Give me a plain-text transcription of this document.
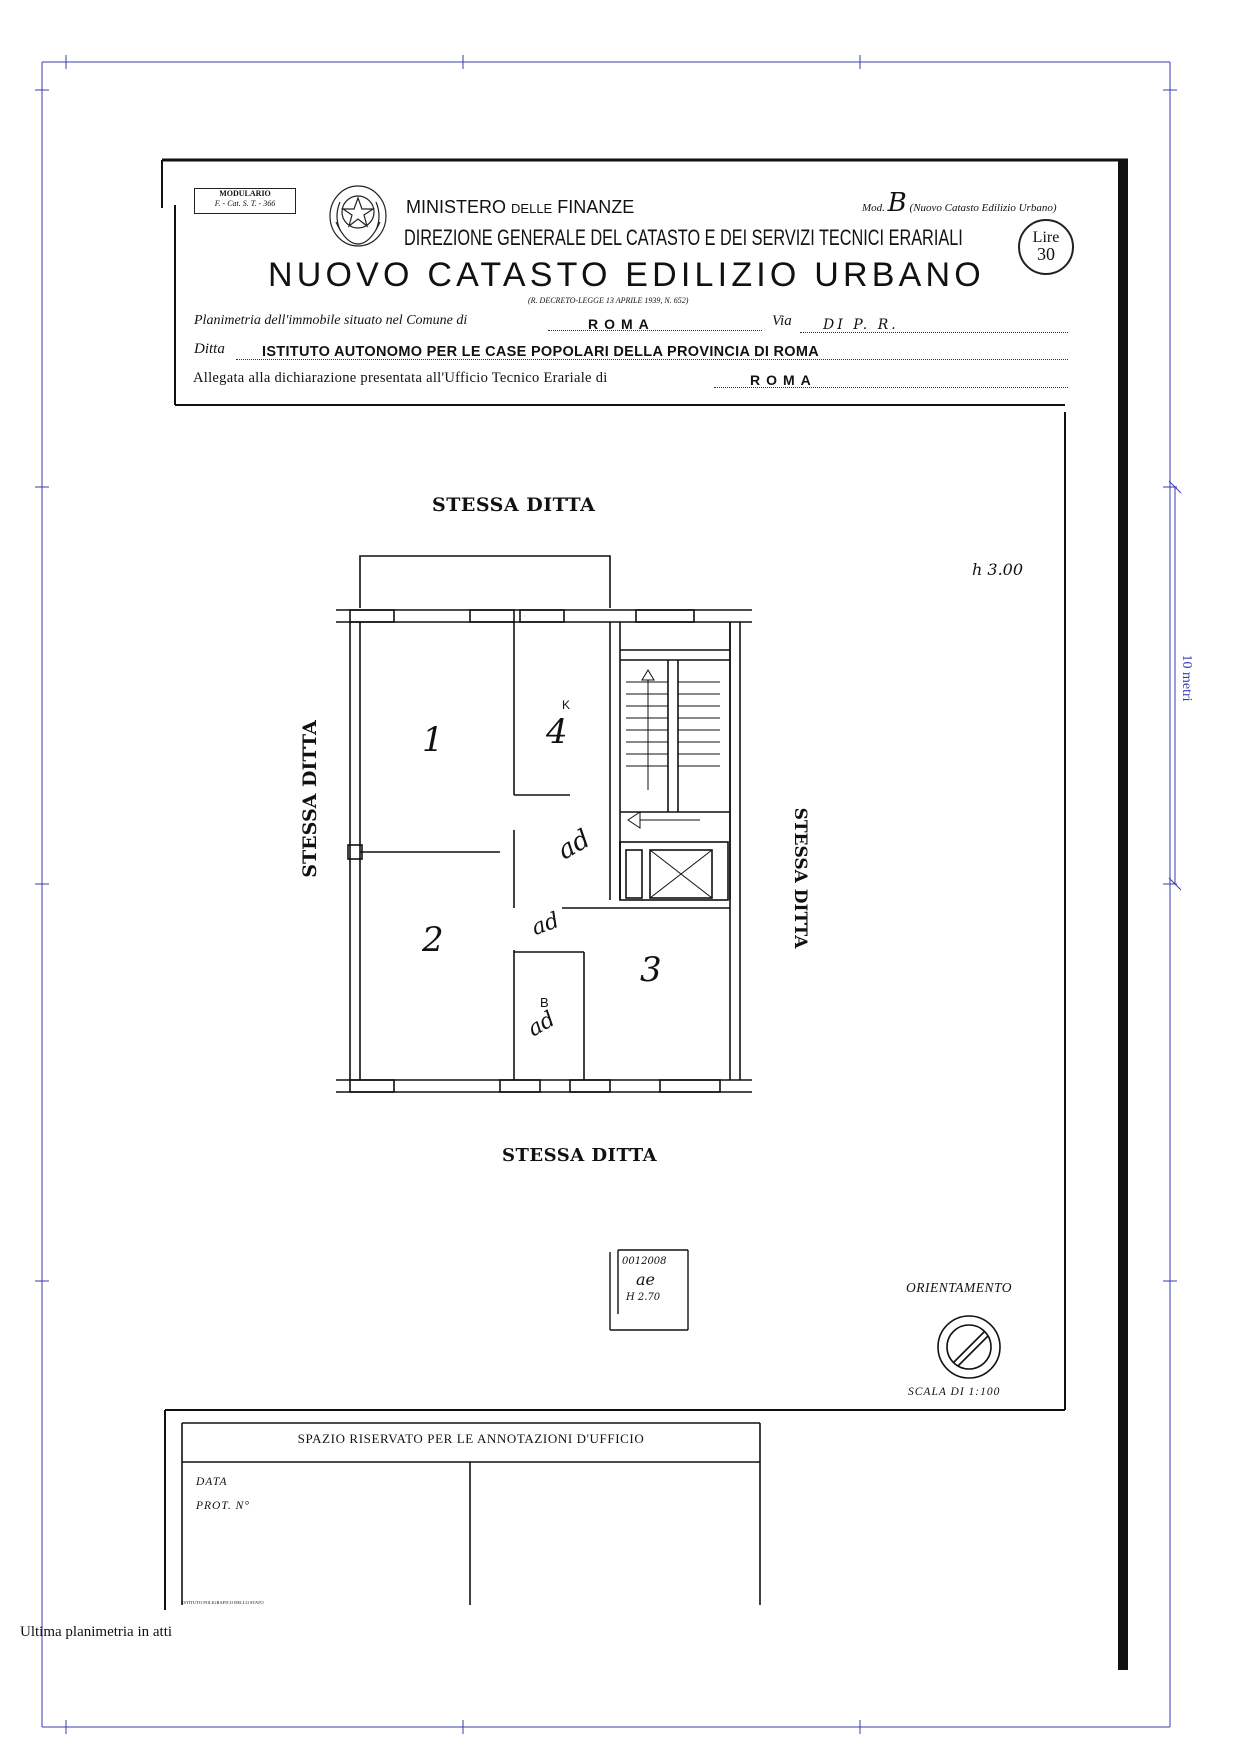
10 metri
MODULARIO
F. - Cat. S. T. - 366	MINISTERO DELLE FINANZE
DIREZIONE GENERALE DEL CATASTO E DEI SERVIZI TECNICI ERARIALI
Mod. B (Nuovo Catasto Edilizio Urbano)
Lire
30
NUOVO CATASTO EDILIZIO URBANO
(R. DECRETO-LEGGE 13 APRILE 1939, N. 652)
Planimetria dell'immobile situato nel Comune di	ROMA	Via DI P. R.
Ditta	ISTITUTO AUTONOMO PER LE CASE POPOLARI DELLA PROVINCIA DI ROMA
Allegata alla dichiarazione presentata all'Ufficio Tecnico Erariale di	ROMA
STESSA DITTA
STESSA DITTA
STESSA DITTA
STESSA DITTA
h 3.00
1
2
3
4
K
B
ad
ad
ad
0012008
ae
H 2.70
ORIENTAMENTO
SCALA DI 1:100
SPAZIO RISERVATO PER LE ANNOTAZIONI D'UFFICIO
DATA
PROT. N°
ISTITUTO POLIGRAFICO DELLO STATO
Ultima planimetria in atti
